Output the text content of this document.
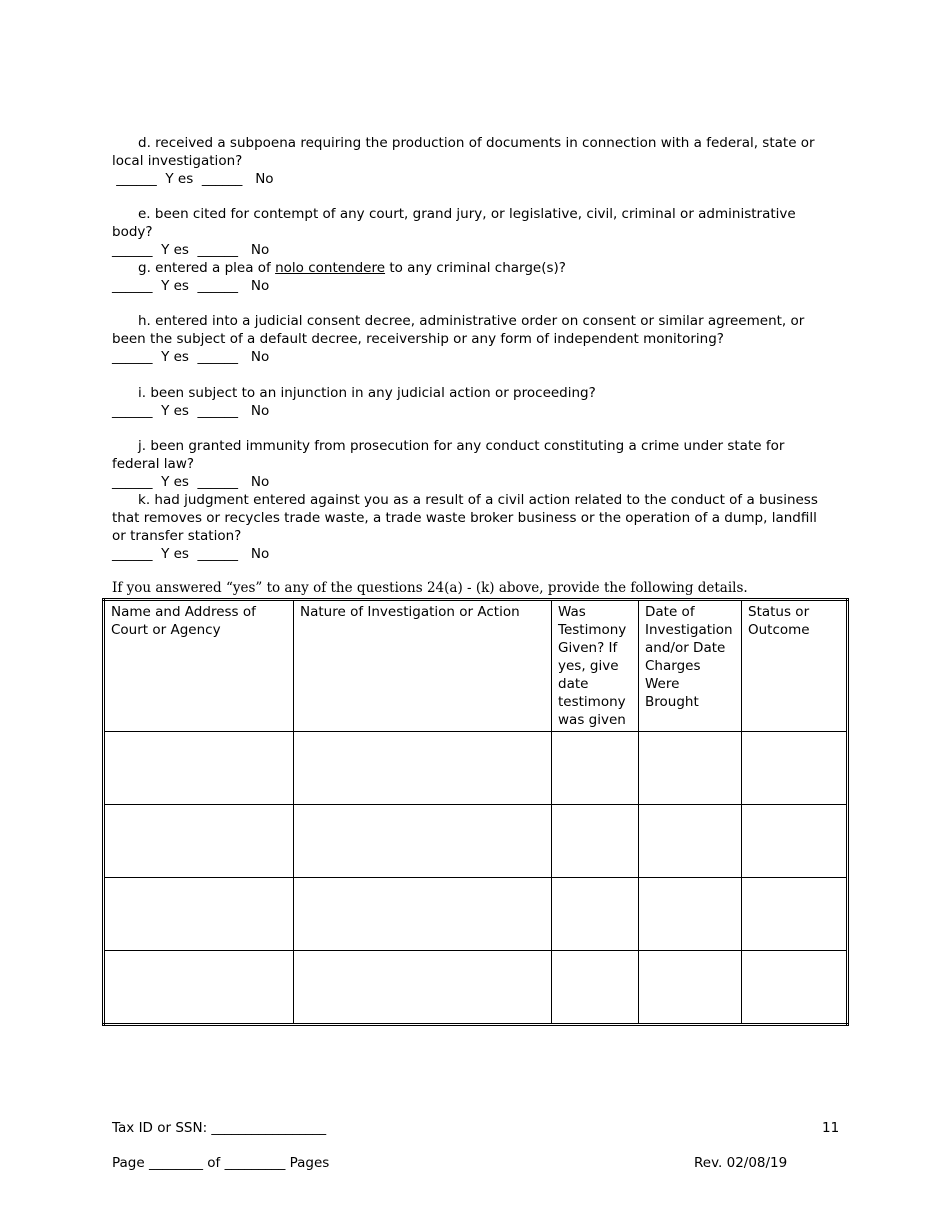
d. received a subpoena requiring the production of documents in connection with a federal, state or local investigation?
______  Y es  ______   No
e. been cited for contempt of any court, grand jury, or legislative, civil, criminal or administrative body?
______  Y es  ______   No
g. entered a plea of nolo contendere to any criminal charge(s)?
______  Y es  ______   No
h. entered into a judicial consent decree, administrative order on consent or similar agreement, or been the subject of a default decree, receivership or any form of independent monitoring?
______  Y es  ______   No
i. been subject to an injunction in any judicial action or proceeding?
______  Y es  ______   No
j. been granted immunity from prosecution for any conduct constituting a crime under state for federal law?
______  Y es  ______   No
k. had judgment entered against you as a result of a civil action related to the conduct of a business that removes or recycles trade waste, a trade waste broker business or the operation of a dump, landfill or transfer station?
______  Y es  ______   No
If you answered “yes” to any of the questions 24(a) - (k) above, provide the following details.
Name and Address of Court or Agency	Nature of Investigation or Action	Was Testimony Given? If yes, give date testimony was given	Date of Investigation and/or Date Charges Were Brought	Status or Outcome

Tax ID or SSN: _________________	11
Page ________ of _________ Pages	Rev. 02/08/19
